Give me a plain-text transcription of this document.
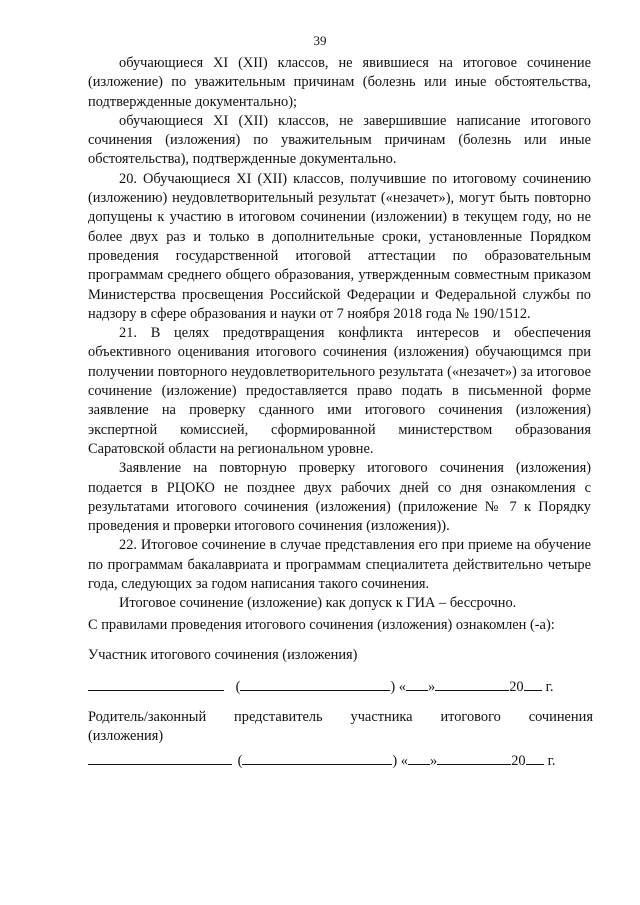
39

обучающиеся XI (XII) классов, не явившиеся на итоговое сочинение (изложение) по уважительным причинам (болезнь или иные обстоятельства, подтвержденные документально);

обучающиеся XI (XII) классов, не завершившие написание итогового сочинения (изложения) по уважительным причинам (болезнь или иные обстоятельства), подтвержденные документально.

20. Обучающиеся XI (XII) классов, получившие по итоговому сочинению (изложению) неудовлетворительный результат («незачет»), могут быть повторно допущены к участию в итоговом сочинении (изложении) в текущем году, но не более двух раз и только в дополнительные сроки, установленные Порядком проведения государственной итоговой аттестации по образовательным программам среднего общего образования, утвержденным совместным приказом Министерства просвещения Российской Федерации и Федеральной службы по надзору в сфере образования и науки от 7 ноября 2018 года № 190/1512.

21. В целях предотвращения конфликта интересов и обеспечения объективного оценивания итогового сочинения (изложения) обучающимся при получении повторного неудовлетворительного результата («незачет») за итоговое сочинение (изложение) предоставляется право подать в письменной форме заявление на проверку сданного ими итогового сочинения (изложения) экспертной комиссией, сформированной министерством образования Саратовской области на региональном уровне.

Заявление на повторную проверку итогового сочинения (изложения) подается в РЦОКО не позднее двух рабочих дней со дня ознакомления с результатами итогового сочинения (изложения) (приложение № 7 к Порядку проведения и проверки итогового сочинения (изложения)).

22. Итоговое сочинение в случае представления его при приеме на обучение по программам бакалавриата и программам специалитета действительно четыре года, следующих за годом написания такого сочинения.

Итоговое сочинение (изложение) как допуск к ГИА – бессрочно.

С правилами проведения итогового сочинения (изложения) ознакомлен (-а):
Участник итогового сочинения (изложения)
(	) « »	20 г.
Родитель/законный представитель участника итогового сочинения
(изложения)
(	) « »	20 г.
